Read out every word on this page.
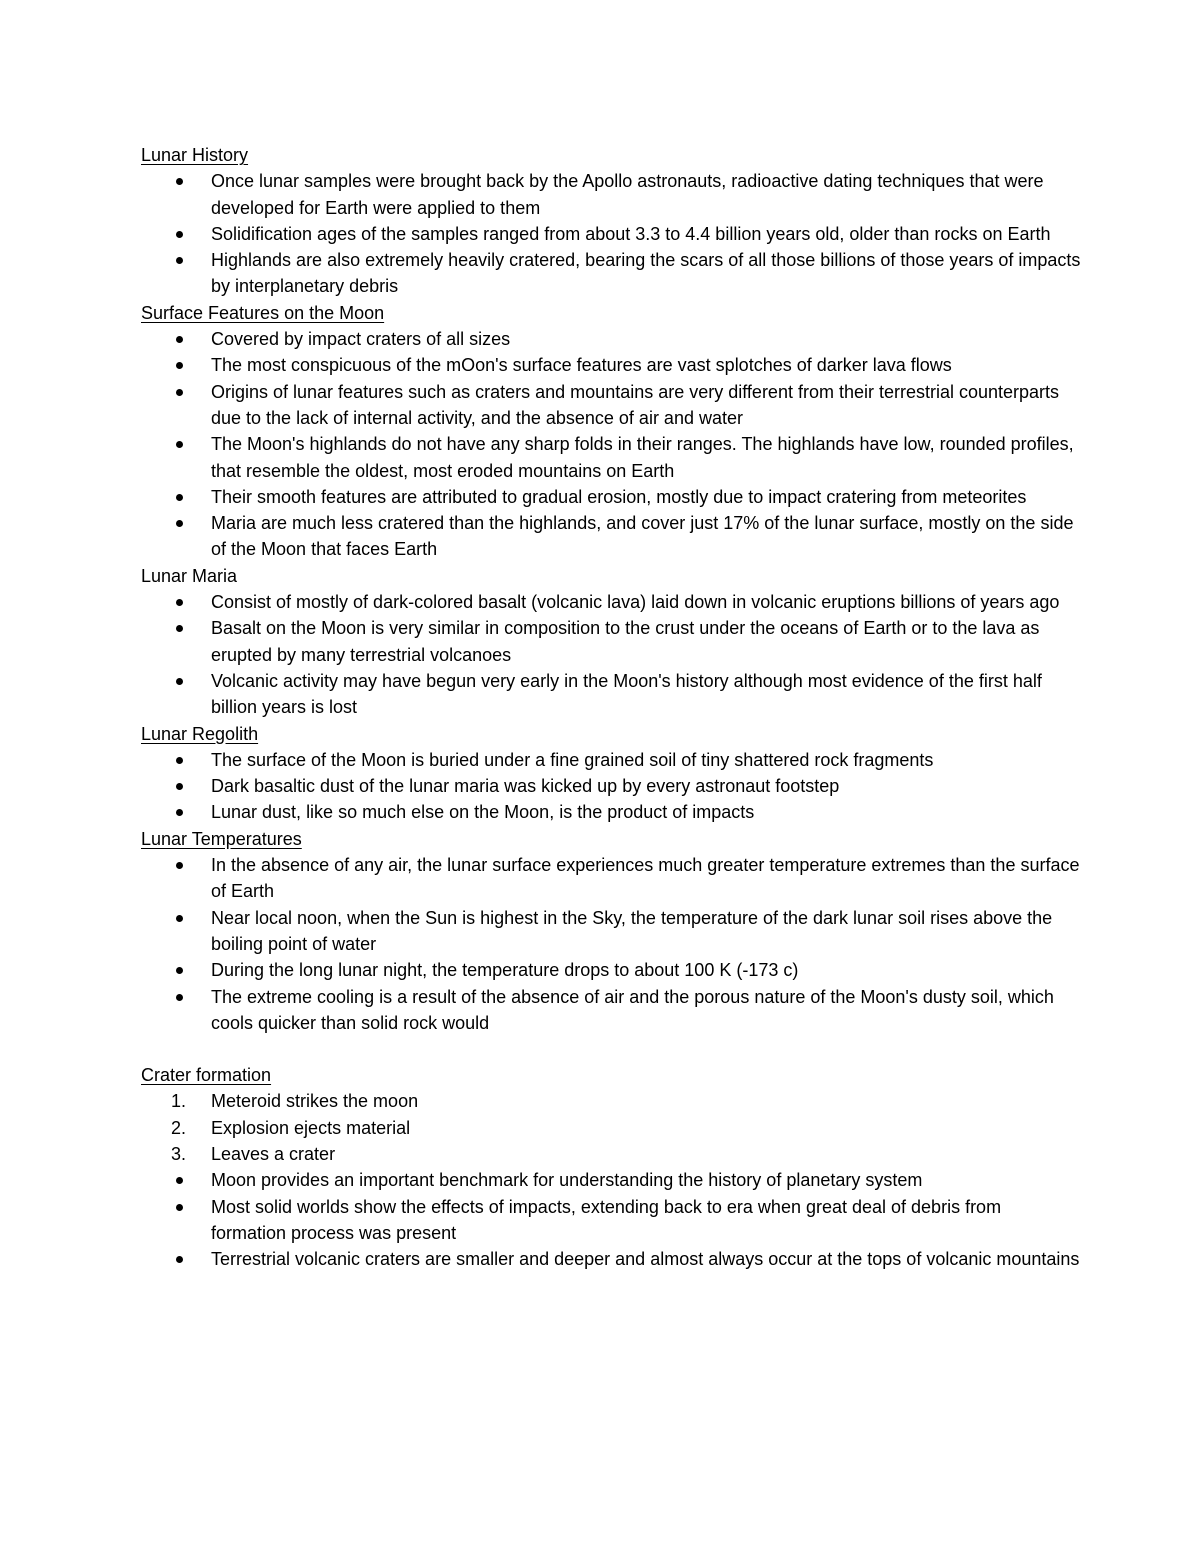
Lunar History
Once lunar samples were brought back by the Apollo astronauts, radioactive dating techniques that were developed for Earth were applied to them
Solidification ages of the samples ranged from about 3.3 to 4.4 billion years old, older than rocks on Earth
Highlands are also extremely heavily cratered, bearing the scars of all those billions of those years of impacts by interplanetary debris
Surface Features on the Moon
Covered by impact craters of all sizes
The most conspicuous of the mOon's surface features are vast splotches of darker lava flows
Origins of lunar features such as craters and mountains are very different from their terrestrial counterparts due to the lack of internal activity, and the absence of air and water
The Moon's highlands do not have any sharp folds in their ranges. The highlands have low, rounded profiles, that resemble the oldest, most eroded mountains on Earth
Their smooth features are attributed to gradual erosion, mostly due to impact cratering from meteorites
Maria are much less cratered than the highlands, and cover just 17% of the lunar surface, mostly on the side of the Moon that faces Earth
Lunar Maria
Consist of mostly of dark-colored basalt (volcanic lava) laid down in volcanic eruptions billions of years ago
Basalt on the Moon is very similar in composition to the crust under the oceans of Earth or to the lava as erupted by many terrestrial volcanoes
Volcanic activity may have begun very early in the Moon's history although most evidence of the first half billion years is lost
Lunar Regolith
The surface of the Moon is buried under a fine grained soil of tiny shattered rock fragments
Dark basaltic dust of the lunar maria was kicked up by every astronaut footstep
Lunar dust, like so much else on the Moon, is the product of impacts
Lunar Temperatures
In the absence of any air, the lunar surface experiences much greater temperature extremes than the surface of Earth
Near local noon, when the Sun is highest in the Sky, the temperature of the dark lunar soil rises above the boiling point of water
During the long lunar night, the temperature drops to about 100 K (-173 c)
The extreme cooling is a result of the absence of air and the porous nature of the Moon's dusty soil, which cools quicker than solid rock would
Crater formation
1.	Meteroid strikes the moon
2.	Explosion ejects material
3.	Leaves a crater
Moon provides an important benchmark for understanding the history of planetary system
Most solid worlds show the effects of impacts, extending back to era when great deal of debris from formation process was present
Terrestrial volcanic craters are smaller and deeper and almost always occur at the tops of volcanic mountains
